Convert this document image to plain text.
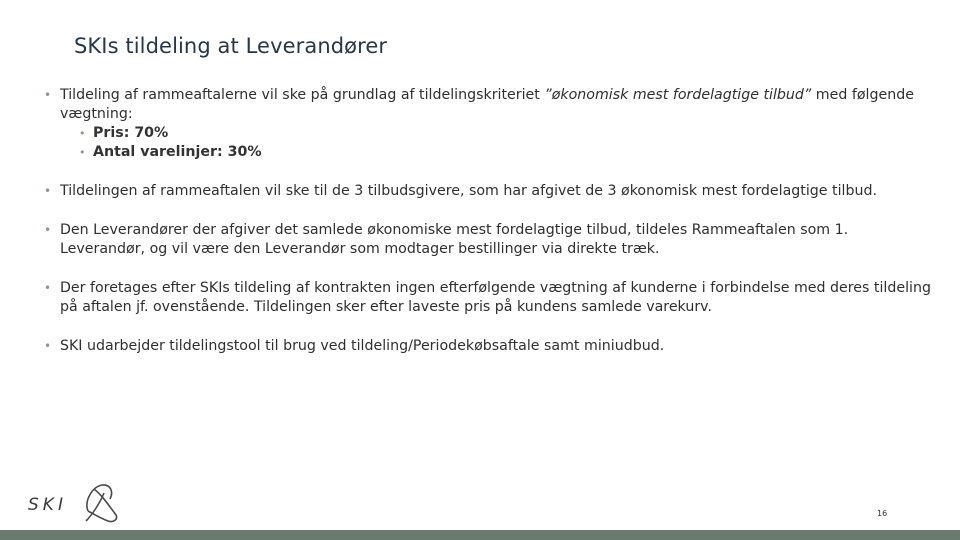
SKIs tildeling at Leverandører

• Tildeling af rammeaftalerne vil ske på grundlag af tildelingskriteriet ”økonomisk mest fordelagtige tilbud” med følgende vægtning:

• Pris: 70%

• Antal varelinjer: 30%

• Tildelingen af rammeaftalen vil ske til de 3 tilbudsgivere, som har afgivet de 3 økonomisk mest fordelagtige tilbud.

• Den Leverandører der afgiver det samlede økonomiske mest fordelagtige tilbud, tildeles Rammeaftalen som 1. Leverandør, og vil være den Leverandør som modtager bestillinger via direkte træk.

• Der foretages efter SKIs tildeling af kontrakten ingen efterfølgende vægtning af kunderne i forbindelse med deres tildeling på aftalen jf. ovenstående. Tildelingen sker efter laveste pris på kundens samlede varekurv.

• SKI udarbejder tildelingstool til brug ved tildeling/Periodekøbsaftale samt miniudbud.

SKI	16
